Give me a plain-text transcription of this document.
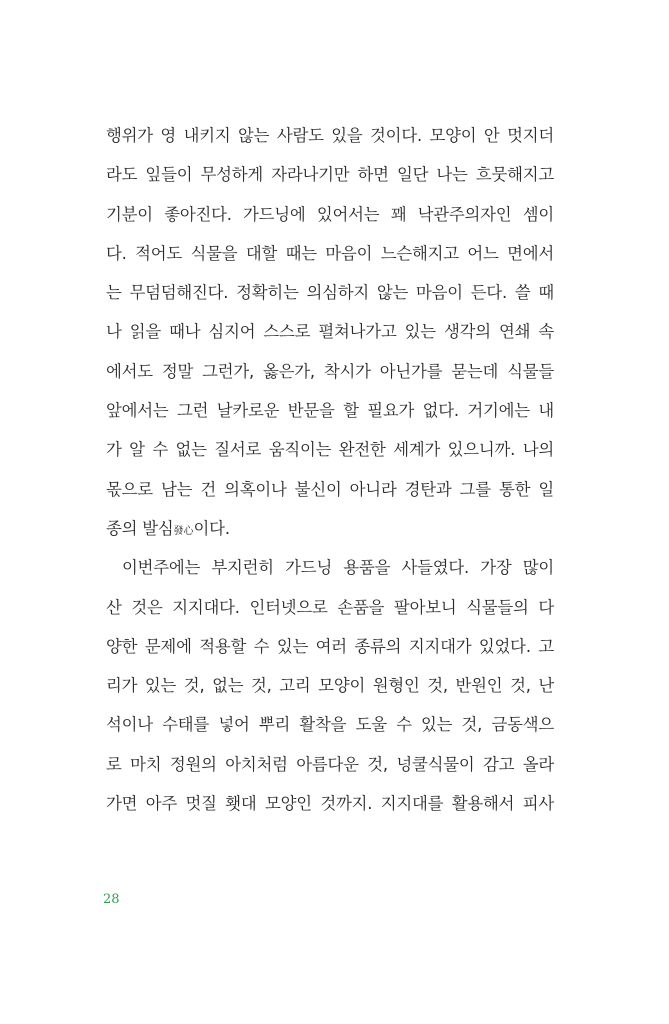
행위가 영 내키지 않는 사람도 있을 것이다. 모양이 안 멋지더
라도 잎들이 무성하게 자라나기만 하면 일단 나는 흐뭇해지고
기분이 좋아진다. 가드닝에 있어서는 꽤 낙관주의자인 셈이
다. 적어도 식물을 대할 때는 마음이 느슨해지고 어느 면에서
는 무덤덤해진다. 정확히는 의심하지 않는 마음이 든다. 쓸 때
나 읽을 때나 심지어 스스로 펼쳐나가고 있는 생각의 연쇄 속
에서도 정말 그런가, 옳은가, 착시가 아닌가를 묻는데 식물들
앞에서는 그런 날카로운 반문을 할 필요가 없다. 거기에는 내
가 알 수 없는 질서로 움직이는 완전한 세계가 있으니까. 나의
몫으로 남는 건 의혹이나 불신이 아니라 경탄과 그를 통한 일
종의 발심發心이다.
이번주에는 부지런히 가드닝 용품을 사들였다. 가장 많이
산 것은 지지대다. 인터넷으로 손품을 팔아보니 식물들의 다
양한 문제에 적용할 수 있는 여러 종류의 지지대가 있었다. 고
리가 있는 것, 없는 것, 고리 모양이 원형인 것, 반원인 것, 난
석이나 수태를 넣어 뿌리 활착을 도울 수 있는 것, 금동색으
로 마치 정원의 아치처럼 아름다운 것, 넝쿨식물이 감고 올라
가면 아주 멋질 횃대 모양인 것까지. 지지대를 활용해서 피사
28
